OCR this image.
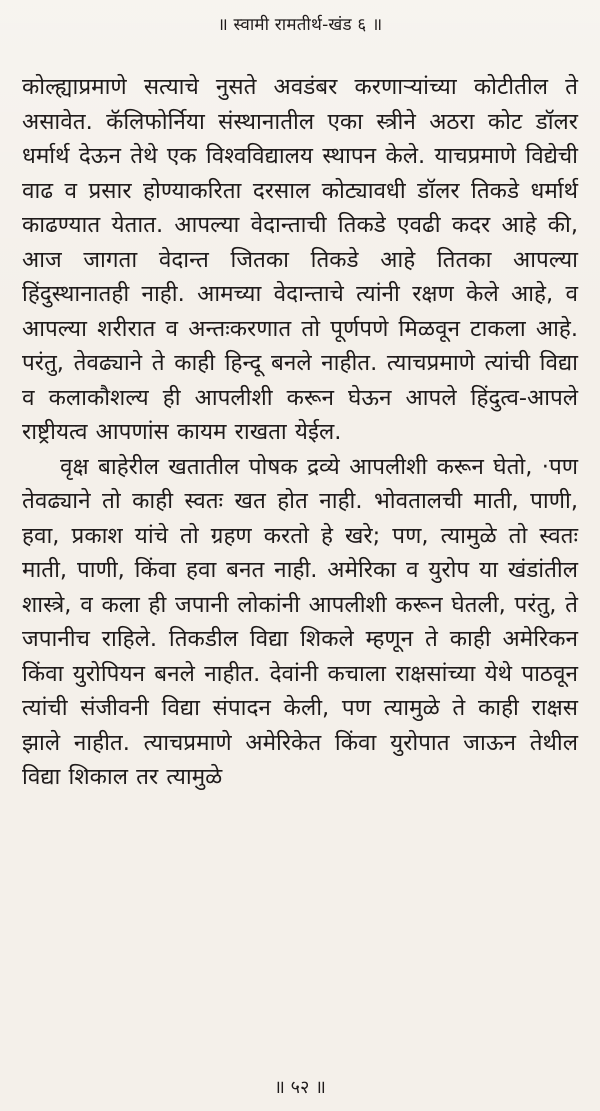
॥ स्वामी रामतीर्थ-खंड ६ ॥

कोल्ह्याप्रमाणे सत्याचे नुसते अवडंबर करणाऱ्यांच्या कोटीतील ते असावेत. कॅलिफोर्निया संस्थानातील एका स्त्रीने अठरा कोट डॉलर धर्मार्थ देऊन तेथे एक विश्वविद्यालय स्थापन केले. याचप्रमाणे विद्येची वाढ व प्रसार होण्याकरिता दरसाल कोट्यावधी डॉलर तिकडे धर्मार्थ काढण्यात येतात. आपल्या वेदान्ताची तिकडे एवढी कदर आहे की, आज जागता वेदान्त जितका तिकडे आहे तितका आपल्या हिंदुस्थानातही नाही. आमच्या वेदान्ताचे त्यांनी रक्षण केले आहे, व आपल्या शरीरात व अन्तःकरणात तो पूर्णपणे मिळवून टाकला आहे. परंतु, तेवढ्याने ते काही हिन्दू बनले नाहीत. त्याचप्रमाणे त्यांची विद्या व कलाकौशल्य ही आपलीशी करून घेऊन आपले हिंदुत्व-आपले राष्ट्रीयत्व आपणांस कायम राखता येईल.

वृक्ष बाहेरील खतातील पोषक द्रव्ये आपलीशी करून घेतो, ·पण तेवढ्याने तो काही स्वतः खत होत नाही. भोवतालची माती, पाणी, हवा, प्रकाश यांचे तो ग्रहण करतो हे खरे; पण, त्यामुळे तो स्वतः माती, पाणी, किंवा हवा बनत नाही. अमेरिका व युरोप या खंडांतील शास्त्रे, व कला ही जपानी लोकांनी आपलीशी करून घेतली, परंतु, ते जपानीच राहिले. तिकडील विद्या शिकले म्हणून ते काही अमेरिकन किंवा युरोपियन बनले नाहीत. देवांनी कचाला राक्षसांच्या येथे पाठवून त्यांची संजीवनी विद्या संपादन केली, पण त्यामुळे ते काही राक्षस झाले नाहीत. त्याचप्रमाणे अमेरिकेत किंवा युरोपात जाऊन तेथील विद्या शिकाल तर त्यामुळे

॥ ५२ ॥
